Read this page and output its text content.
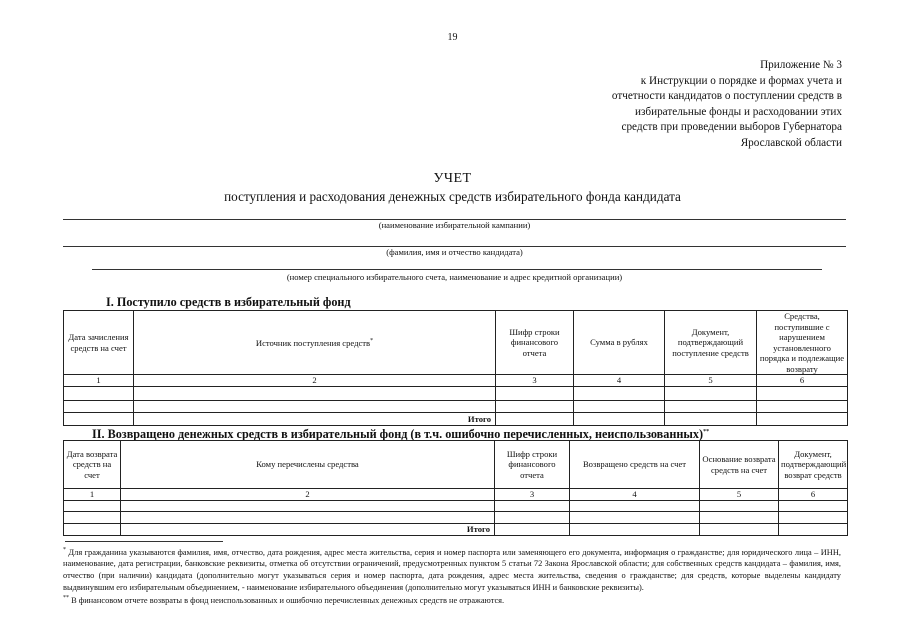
19
Приложение № 3
к Инструкции о порядке и формах учета и
отчетности кандидатов о поступлении средств в
избирательные фонды и расходовании этих
средств при проведении выборов Губернатора
Ярославской области
УЧЕТ
поступления и расходования денежных средств избирательного фонда кандидата
(наименование избирательной кампании)
(фамилия, имя и отчество кандидата)
(номер специального избирательного счета, наименование и адрес кредитной организации)
I. Поступило средств в избирательный фонд
Дата зачисления средств на счет	Источник поступления средств*	Шифр строки финансового отчета	Сумма в рублях	Документ, подтверждающий поступление средств	Средства, поступившие с нарушением установленного порядка и подлежащие возврату
1	2	3	4	5	6

	Итого				
II. Возвращено денежных средств в избирательный фонд (в т.ч. ошибочно перечисленных, неиспользованных)**
Дата возврата средств на счет	Кому перечислены средства	Шифр строки финансового отчета	Возвращено средств на счет	Основание возврата средств на счет	Документ, подтверждающий возврат средств
1	2	3	4	5	6

	Итого				

* Для гражданина указываются фамилия, имя, отчество, дата рождения, адрес места жительства, серия и номер паспорта или заменяющего его документа, информация о гражданстве; для юридического лица – ИНН, наименование, дата регистрации, банковские реквизиты, отметка об отсутствии ограничений, предусмотренных пунктом 5 статьи 72 Закона Ярославской области; для собственных средств кандидата – фамилия, имя, отчество (при наличии) кандидата (дополнительно могут указываться серия и номер паспорта, дата рождения, адрес места жительства, сведения о гражданстве; для средств, которые выделены кандидату выдвинувшим его избирательным объединением, - наименование избирательного объединения (дополнительно могут указываться ИНН и банковские реквизиты).

** В финансовом отчете возвраты в фонд неиспользованных и ошибочно перечисленных денежных средств не отражаются.
